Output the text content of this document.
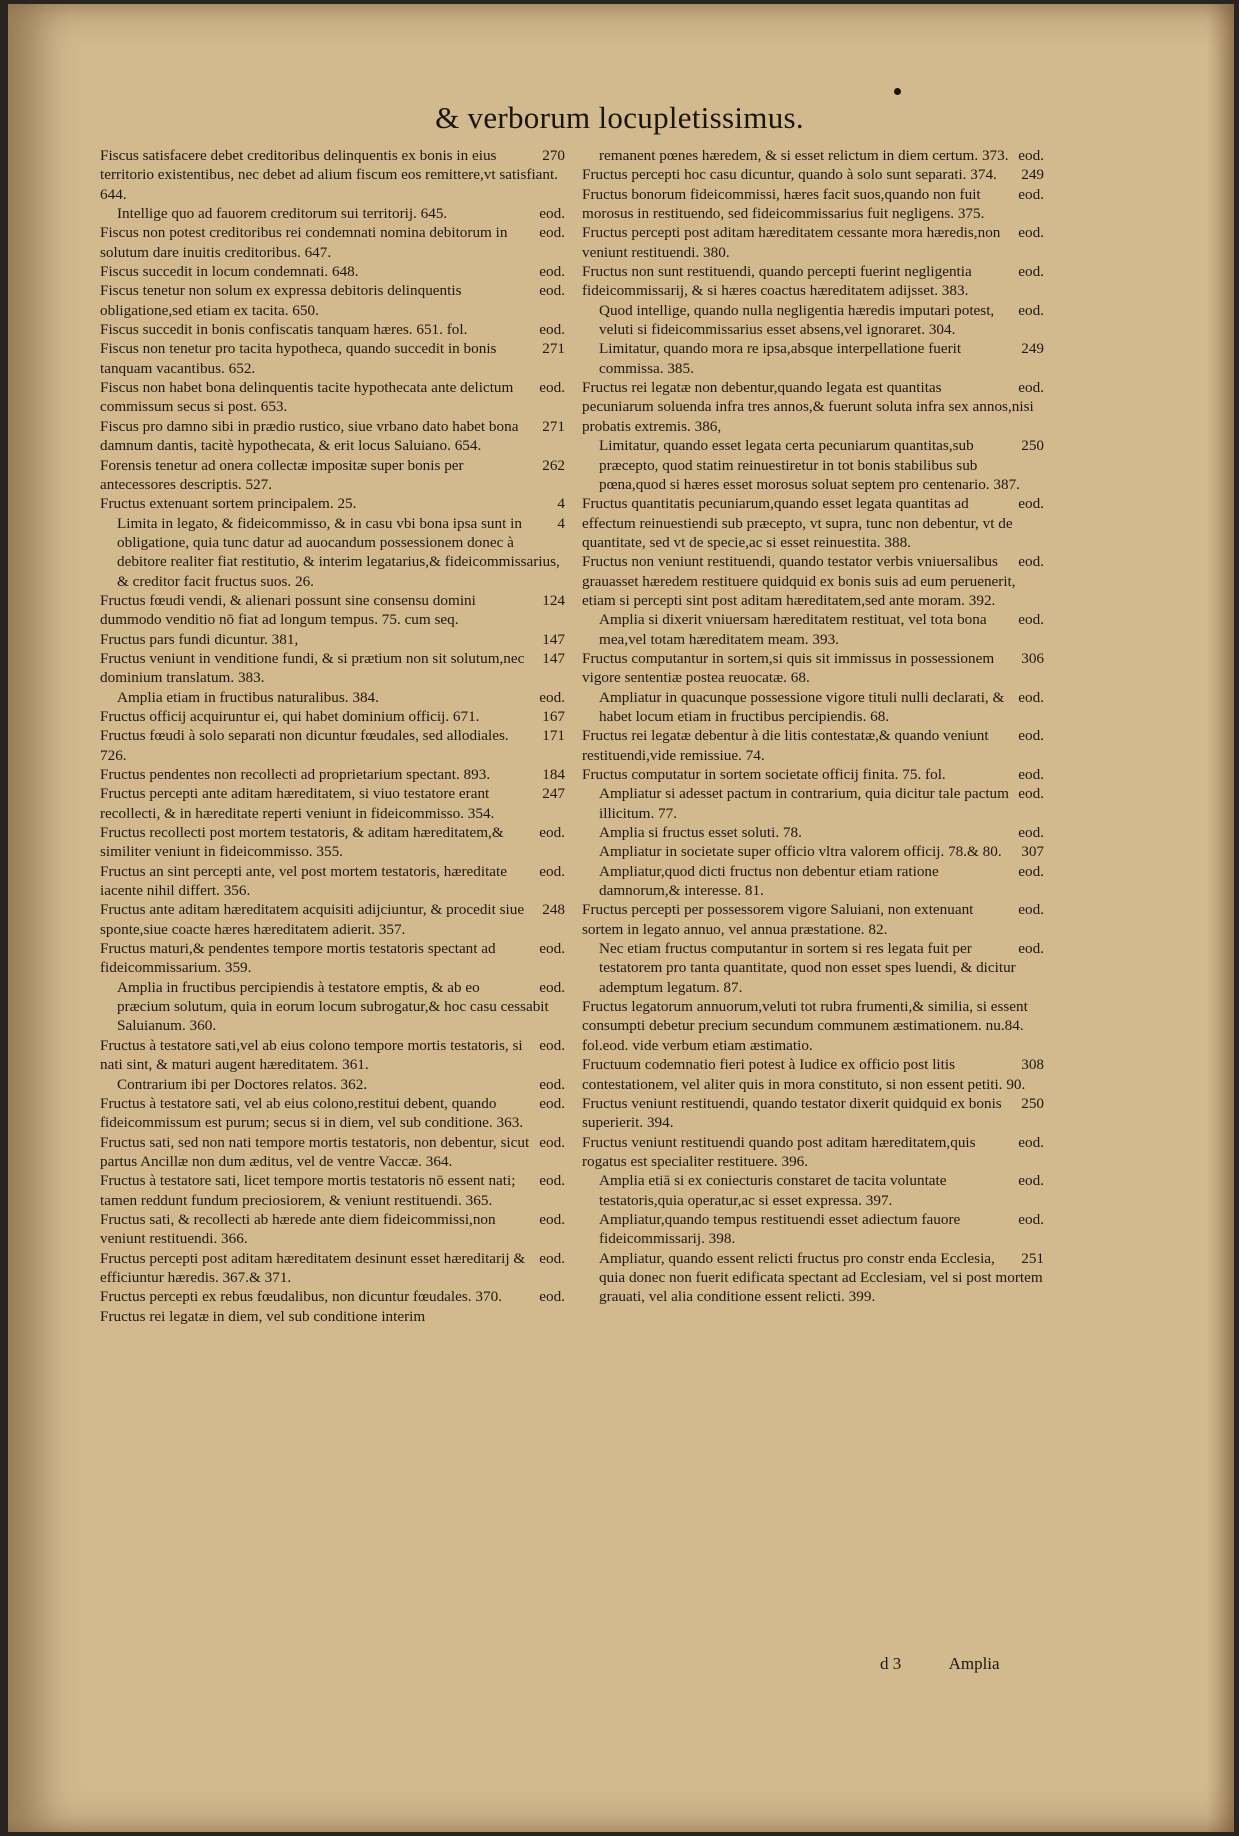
& verborum locupletissimus.
270
Fiscus satisfacere debet creditoribus delinquentis ex bonis in eius territorio existentibus, nec debet ad alium fiscum eos remittere,vt satisfiant. 644.
eod.
Intellige quo ad fauorem creditorum sui territorij. 645.
eod.
Fiscus non potest creditoribus rei condemnati nomina debitorum in solutum dare inuitis creditoribus. 647.
eod.
Fiscus succedit in locum condemnati. 648.
eod.
Fiscus tenetur non solum ex expressa debitoris delinquentis obligatione,sed etiam ex tacita. 650.
eod.
Fiscus succedit in bonis confiscatis tanquam hæres. 651. fol.
271
Fiscus non tenetur pro tacita hypotheca, quando succedit in bonis tanquam vacantibus. 652.
eod.
Fiscus non habet bona delinquentis tacite hypothecata ante delictum commissum secus si post. 653.
271
Fiscus pro damno sibi in prædio rustico, siue vrbano dato habet bona damnum dantis, tacitè hypothecata, & erit locus Saluiano. 654.
262
Forensis tenetur ad onera collectæ impositæ super bonis per antecessores descriptis. 527.
4
Fructus extenuant sortem principalem. 25.
4
Limita in legato, & fideicommisso, & in casu vbi bona ipsa sunt in obligatione, quia tunc datur ad auocandum possessionem donec à debitore realiter fiat restitutio, & interim legatarius,& fideicommissarius, & creditor facit fructus suos. 26.
124
Fructus fœudi vendi, & alienari possunt sine consensu domini dummodo venditio nō fiat ad longum tempus. 75. cum seq.
147
Fructus pars fundi dicuntur. 381,
147
Fructus veniunt in venditione fundi, & si prætium non sit solutum,nec dominium translatum. 383.
eod.
Amplia etiam in fructibus naturalibus. 384.
167
Fructus officij acquiruntur ei, qui habet dominium officij. 671.
171
Fructus fœudi à solo separati non dicuntur fœudales, sed allodiales. 726.
184
Fructus pendentes non recollecti ad proprietarium spectant. 893.
247
Fructus percepti ante aditam hæreditatem, si viuo testatore erant recollecti, & in hæreditate reperti veniunt in fideicommisso. 354.
eod.
Fructus recollecti post mortem testatoris, & aditam hæreditatem,& similiter veniunt in fideicommisso. 355.
eod.
Fructus an sint percepti ante, vel post mortem testatoris, hæreditate iacente nihil differt. 356.
248
Fructus ante aditam hæreditatem acquisiti adijciuntur, & procedit siue sponte,siue coacte hæres hæreditatem adierit. 357.
eod.
Fructus maturi,& pendentes tempore mortis testatoris spectant ad fideicommissarium. 359.
eod.
Amplia in fructibus percipiendis à testatore emptis, & ab eo præcium solutum, quia in eorum locum subrogatur,& hoc casu cessabit Saluianum. 360.
eod.
Fructus à testatore sati,vel ab eius colono tempore mortis testatoris, si nati sint, & maturi augent hæreditatem. 361.
eod.
Contrarium ibi per Doctores relatos. 362.
eod.
Fructus à testatore sati, vel ab eius colono,restitui debent, quando fideicommissum est purum; secus si in diem, vel sub conditione. 363.
eod.
Fructus sati, sed non nati tempore mortis testatoris, non debentur, sicut partus Ancillæ non dum æditus, vel de ventre Vaccæ. 364.
eod.
Fructus à testatore sati, licet tempore mortis testatoris nō essent nati; tamen reddunt fundum preciosiorem, & veniunt restituendi. 365.
eod.
Fructus sati, & recollecti ab hærede ante diem fideicommissi,non veniunt restituendi. 366.
eod.
Fructus percepti post aditam hæreditatem desinunt esset hæreditarij & efficiuntur hæredis. 367.& 371.
eod.
Fructus percepti ex rebus fœudalibus, non dicuntur fœudales. 370.
Fructus rei legatæ in diem, vel sub conditione interim
eod.
remanent pœnes hæredem, & si esset relictum in diem certum. 373.
249
Fructus percepti hoc casu dicuntur, quando à solo sunt separati. 374.
eod.
Fructus bonorum fideicommissi, hæres facit suos,quando non fuit morosus in restituendo, sed fideicommissarius fuit negligens. 375.
eod.
Fructus percepti post aditam hæreditatem cessante mora hæredis,non veniunt restituendi. 380.
eod.
Fructus non sunt restituendi, quando percepti fuerint negligentia fideicommissarij, & si hæres coactus hæreditatem adijsset. 383.
eod.
Quod intellige, quando nulla negligentia hæredis imputari potest, veluti si fideicommissarius esset absens,vel ignoraret. 304.
249
Limitatur, quando mora re ipsa,absque interpellatione fuerit commissa. 385.
eod.
Fructus rei legatæ non debentur,quando legata est quantitas pecuniarum soluenda infra tres annos,& fuerunt soluta infra sex annos,nisi probatis extremis. 386,
250
Limitatur, quando esset legata certa pecuniarum quantitas,sub præcepto, quod statim reinuestiretur in tot bonis stabilibus sub pœna,quod si hæres esset morosus soluat septem pro centenario. 387.
eod.
Fructus quantitatis pecuniarum,quando esset legata quantitas ad effectum reinuestiendi sub præcepto, vt supra, tunc non debentur, vt de quantitate, sed vt de specie,ac si esset reinuestita. 388.
eod.
Fructus non veniunt restituendi, quando testator verbis vniuersalibus grauasset hæredem restituere quidquid ex bonis suis ad eum peruenerit, etiam si percepti sint post aditam hæreditatem,sed ante moram. 392.
eod.
Amplia si dixerit vniuersam hæreditatem restituat, vel tota bona mea,vel totam hæreditatem meam. 393.
306
Fructus computantur in sortem,si quis sit immissus in possessionem vigore sententiæ postea reuocatæ. 68.
eod.
Ampliatur in quacunque possessione vigore tituli nulli declarati, & habet locum etiam in fructibus percipiendis. 68.
eod.
Fructus rei legatæ debentur à die litis contestatæ,& quando veniunt restituendi,vide remissiue. 74.
eod.
Fructus computatur in sortem societate officij finita. 75. fol.
eod.
Ampliatur si adesset pactum in contrarium, quia dicitur tale pactum illicitum. 77.
eod.
Amplia si fructus esset soluti. 78.
307
Ampliatur in societate super officio vltra valorem officij. 78.& 80.
eod.
Ampliatur,quod dicti fructus non debentur etiam ratione damnorum,& interesse. 81.
eod.
Fructus percepti per possessorem vigore Saluiani, non extenuant sortem in legato annuo, vel annua præstatione. 82.
eod.
Nec etiam fructus computantur in sortem si res legata fuit per testatorem pro tanta quantitate, quod non esset spes luendi, & dicitur ademptum legatum. 87.
Fructus legatorum annuorum,veluti tot rubra frumenti,& similia, si essent consumpti debetur precium secundum communem æstimationem. nu.84. fol.eod. vide verbum etiam æstimatio.
308
Fructuum codemnatio fieri potest à Iudice ex officio post litis contestationem, vel aliter quis in mora constituto, si non essent petiti. 90.
250
Fructus veniunt restituendi, quando testator dixerit quidquid ex bonis superierit. 394.
eod.
Fructus veniunt restituendi quando post aditam hæreditatem,quis rogatus est specialiter restituere. 396.
eod.
Amplia etiā si ex coniecturis constaret de tacita voluntate testatoris,quia operatur,ac si esset expressa. 397.
eod.
Ampliatur,quando tempus restituendi esset adiectum fauore fideicommissarij. 398.
251
Ampliatur, quando essent relicti fructus pro constr enda Ecclesia, quia donec non fuerit edificata spectant ad Ecclesiam, vel si post mortem grauati, vel alia conditione essent relicti. 399.
d 3	Amplia
